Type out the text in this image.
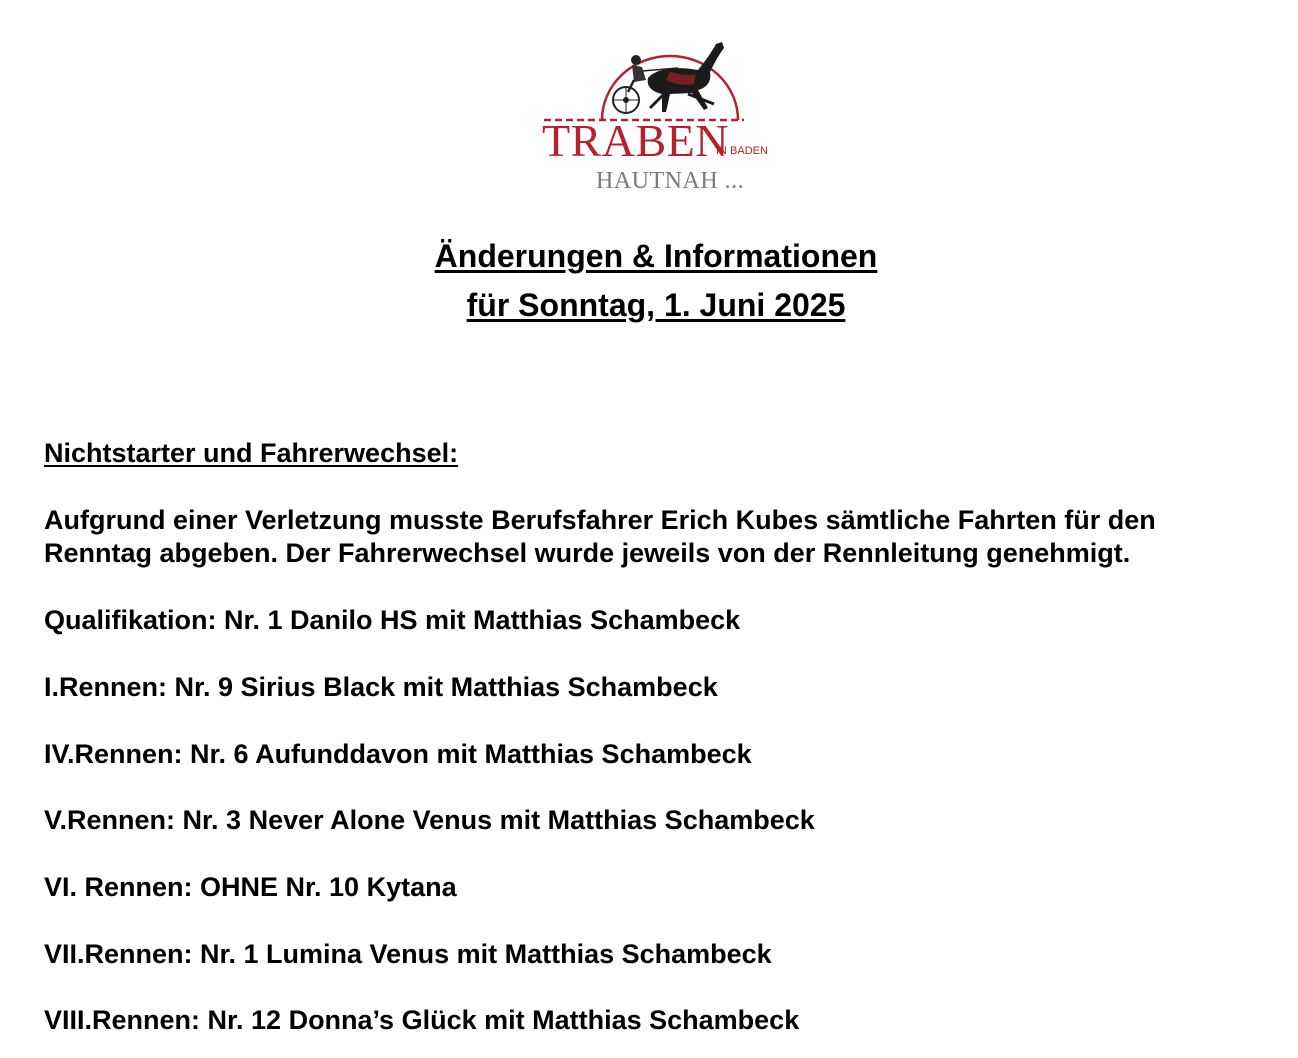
TRABEN
IN BADEN
HAUTNAH ...
Änderungen & Informationen
für Sonntag, 1. Juni 2025
Nichtstarter und Fahrerwechsel:
Aufgrund einer Verletzung musste Berufsfahrer Erich Kubes sämtliche Fahrten für den
Renntag abgeben. Der Fahrerwechsel wurde jeweils von der Rennleitung genehmigt.
Qualifikation: Nr. 1 Danilo HS mit Matthias Schambeck
I.Rennen: Nr. 9 Sirius Black mit Matthias Schambeck
IV.Rennen: Nr. 6 Aufunddavon mit Matthias Schambeck
V.Rennen: Nr. 3 Never Alone Venus mit Matthias Schambeck
VI. Rennen: OHNE Nr. 10 Kytana
VII.Rennen: Nr. 1 Lumina Venus mit Matthias Schambeck
VIII.Rennen: Nr. 12 Donna’s Glück mit Matthias Schambeck
